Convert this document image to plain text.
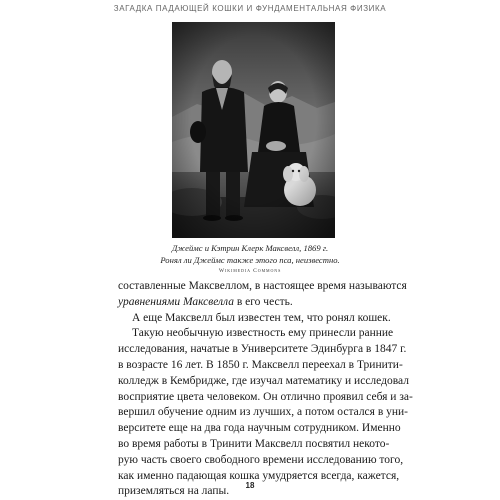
ЗАГАДКА ПАДАЮЩЕЙ КОШКИ И ФУНДАМЕНТАЛЬНАЯ ФИЗИКА
Джеймс и Кэтрин Клерк Максвелл, 1869 г.
Ронял ли Джеймс также этого пса, неизвестно.
Wikimedia Commons
составленные Максвеллом, в настоящее время называются
уравнениями Максвелла в его честь.
А еще Максвелл был известен тем, что ронял кошек.
Такую необычную известность ему принесли ранние
исследования, начатые в Университете Эдинбурга в 1847 г.
в возрасте 16 лет. В 1850 г. Максвелл переехал в Тринити-
колледж в Кембридже, где изучал математику и исследовал
восприятие цвета человеком. Он отлично проявил себя и за-
вершил обучение одним из лучших, а потом остался в уни-
верситете еще на два года научным сотрудником. Именно
во время работы в Тринити Максвелл посвятил некото-
рую часть своего свободного времени исследованию того,
как именно падающая кошка умудряется всегда, кажется,
приземляться на лапы.	18
